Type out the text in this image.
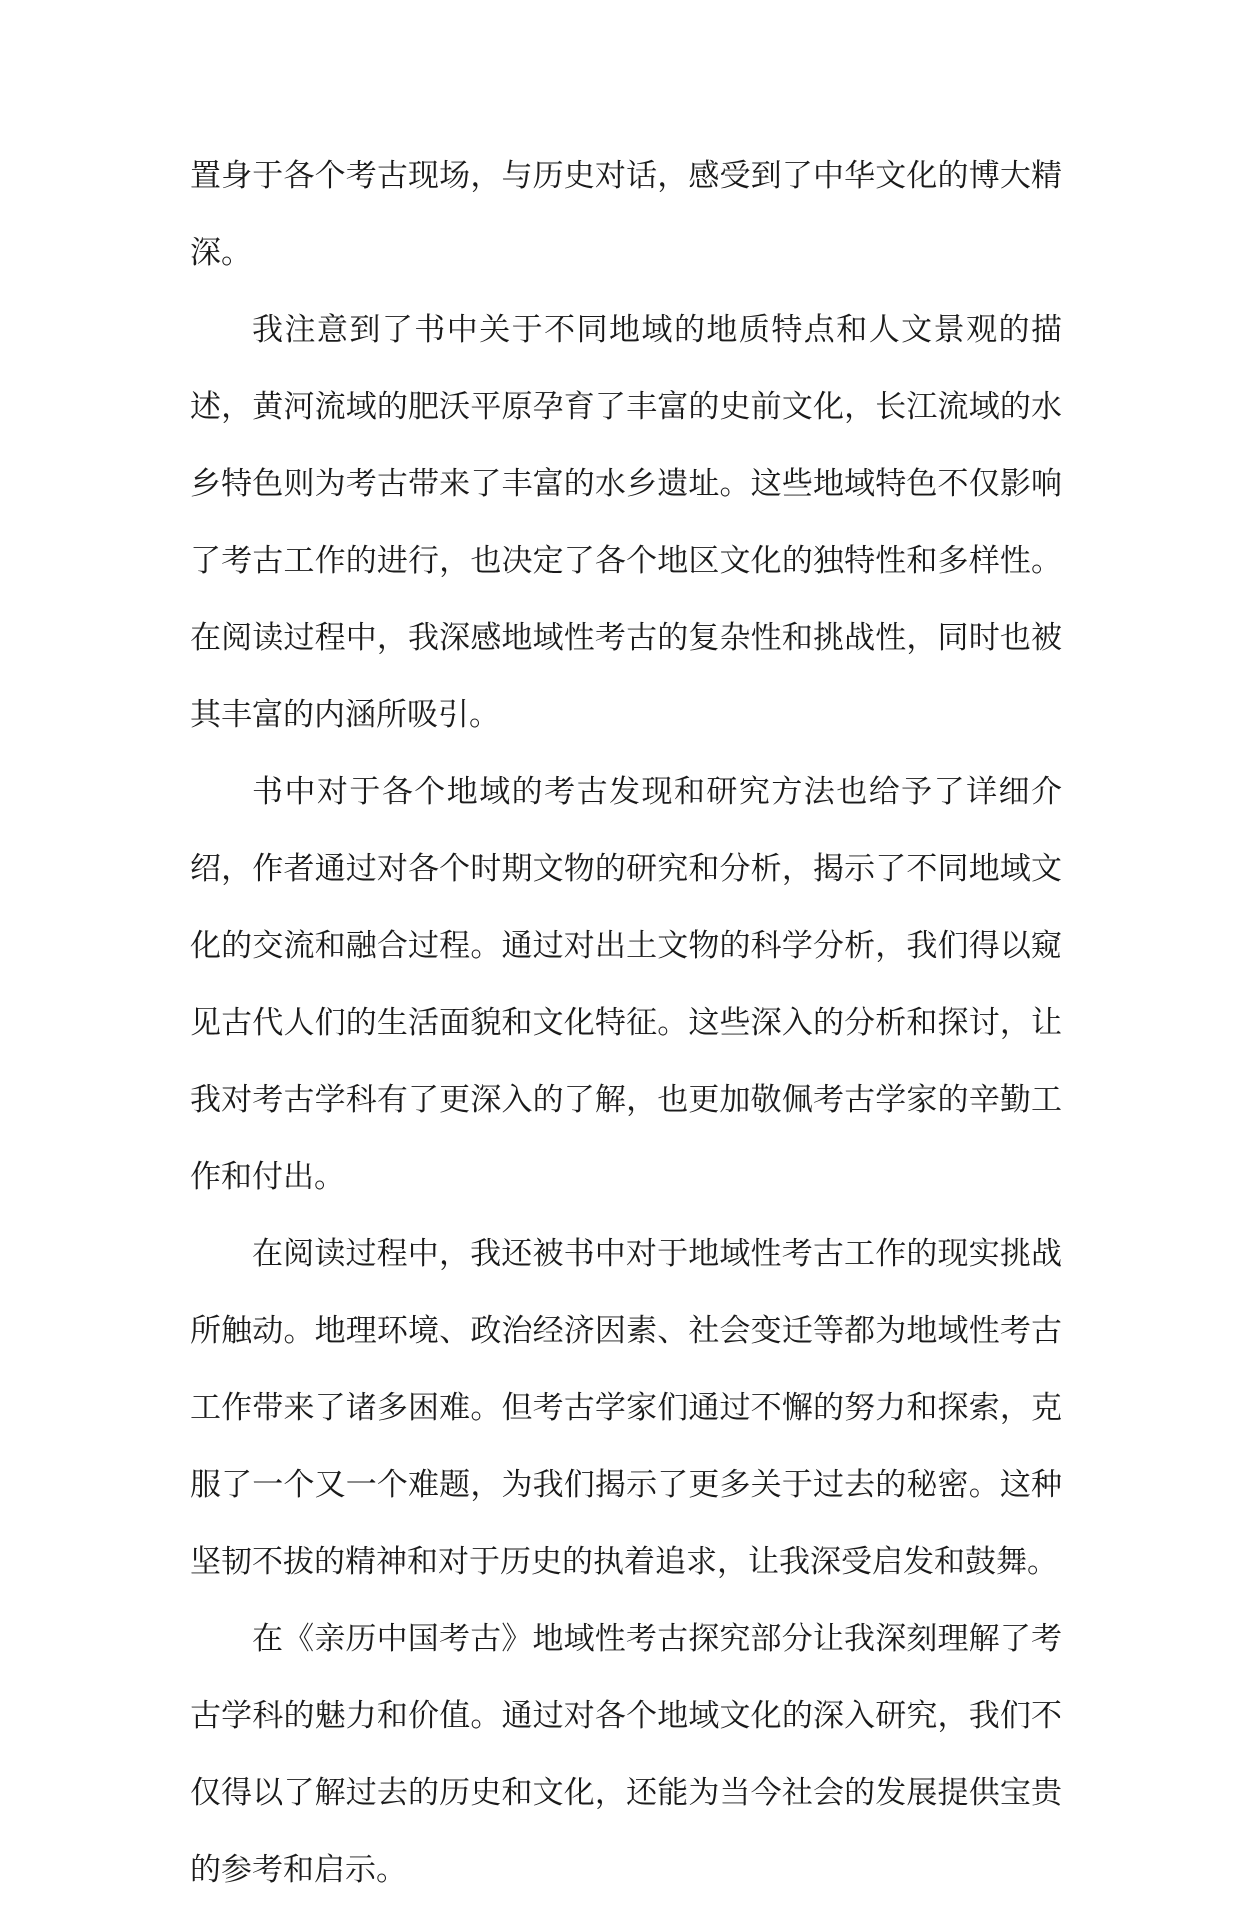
置身于各个考古现场，与历史对话，感受到了中华文化的博大精深。

我注意到了书中关于不同地域的地质特点和人文景观的描述，黄河流域的肥沃平原孕育了丰富的史前文化，长江流域的水乡特色则为考古带来了丰富的水乡遗址。这些地域特色不仅影响了考古工作的进行，也决定了各个地区文化的独特性和多样性。在阅读过程中，我深感地域性考古的复杂性和挑战性，同时也被其丰富的内涵所吸引。

书中对于各个地域的考古发现和研究方法也给予了详细介绍，作者通过对各个时期文物的研究和分析，揭示了不同地域文化的交流和融合过程。通过对出土文物的科学分析，我们得以窥见古代人们的生活面貌和文化特征。这些深入的分析和探讨，让我对考古学科有了更深入的了解，也更加敬佩考古学家的辛勤工作和付出。

在阅读过程中，我还被书中对于地域性考古工作的现实挑战所触动。地理环境、政治经济因素、社会变迁等都为地域性考古工作带来了诸多困难。但考古学家们通过不懈的努力和探索，克服了一个又一个难题，为我们揭示了更多关于过去的秘密。这种坚韧不拔的精神和对于历史的执着追求，让我深受启发和鼓舞。

在《亲历中国考古》地域性考古探究部分让我深刻理解了考古学科的魅力和价值。通过对各个地域文化的深入研究，我们不仅得以了解过去的历史和文化，还能为当今社会的发展提供宝贵的参考和启示。
